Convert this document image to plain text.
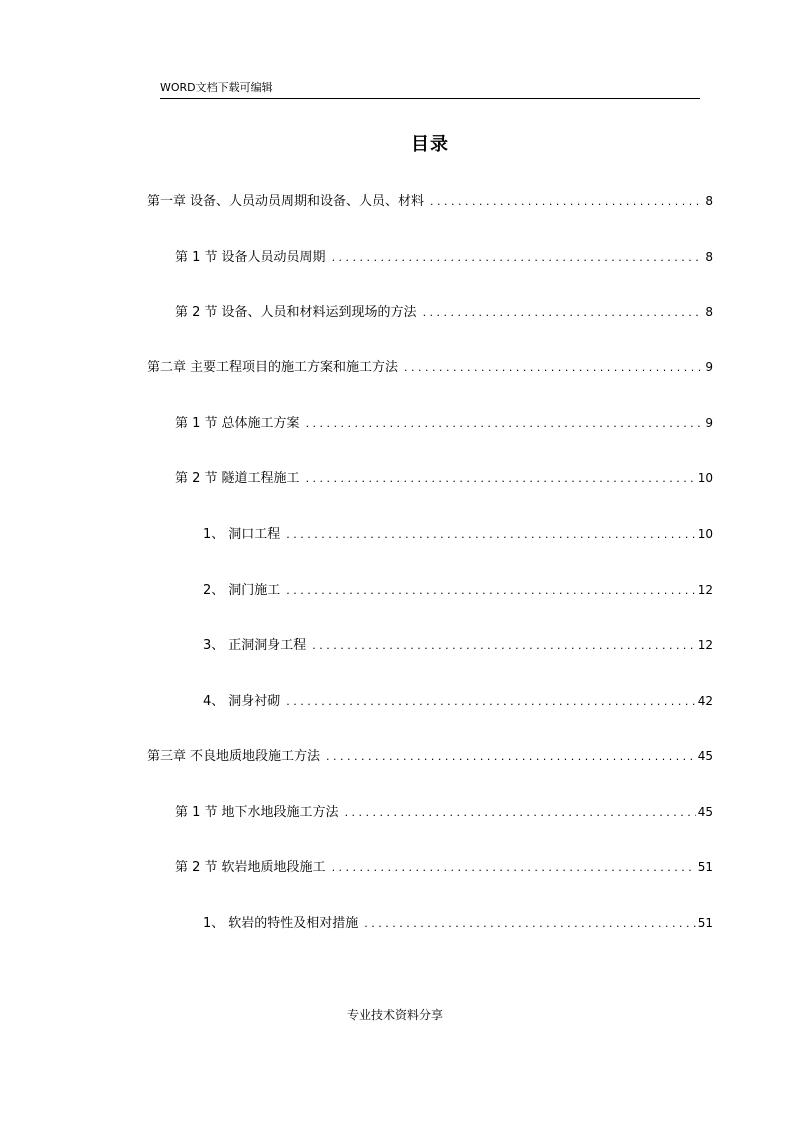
WORD文档下载可编辑
目录
第一章 设备、人员动员周期和设备、人员、材料 . . .	8
第 1 节 设备人员动员周期 . . .	8
第 2 节 设备、人员和材料运到现场的方法 . . .	8
第二章 主要工程项目的施工方案和施工方法 . . .	9
第 1 节 总体施工方案 . . .	9
第 2 节 隧道工程施工 . . .	10
1、 洞口工程 . . .	10
2、 洞门施工 . . .	12
3、 正洞洞身工程 . . .	12
4、 洞身衬砌 . . .	42
第三章 不良地质地段施工方法 . . .	45
第 1 节 地下水地段施工方法 . . .	45
第 2 节 软岩地质地段施工 . . .	51
1、 软岩的特性及相对措施 . . .	51
专业技术资料分享
